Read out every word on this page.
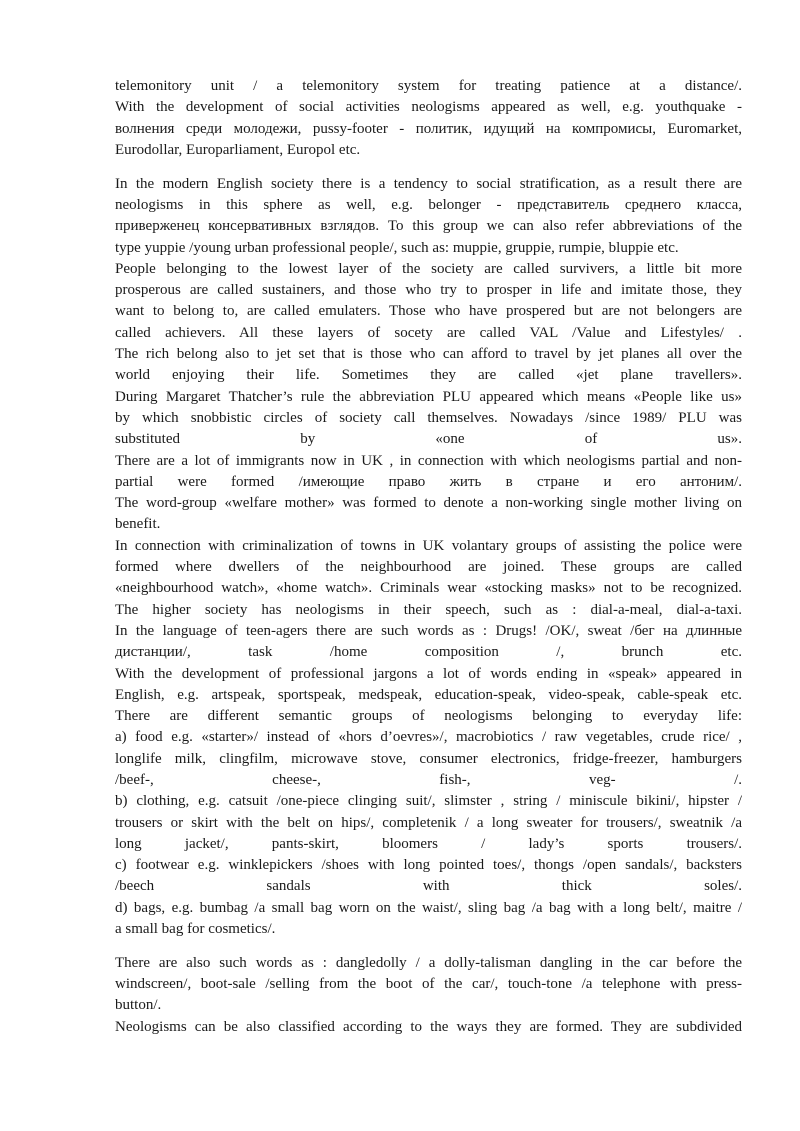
telemonitory unit / a telemonitory system for treating patience at a distance/.
With the development of social activities neologisms appeared as well, e.g. youthquake -
волнения среди молодежи, pussy-footer - политик, идущий на компромисы, Euromarket,
Eurodollar, Europarliament, Europol etc.
In the modern English society there is a tendency to social stratification, as a result there are
neologisms in this sphere as well, e.g. belonger - представитель среднего класса,
приверженец консервативных взглядов. To this group we can also refer abbreviations of the
type yuppie /young urban professional people/, such as: muppie, gruppie, rumpie, bluppie etc.
People belonging to the lowest layer of the society are called survivers, a little bit more
prosperous are called sustainers, and those who try to prosper in life and imitate those, they
want to belong to, are called emulaters. Those who have prospered but are not belongers are
called achievers. All these layers of socety are called VAL /Value and Lifestyles/ .
The rich belong also to jet set that is those who can afford to travel by jet planes all over the
world enjoying their life. Sometimes they are called «jet plane travellers».
During Margaret Thatcher’s rule the abbreviation PLU appeared which means «People like us»
by which snobbistic circles of society call themselves. Nowadays /since 1989/ PLU was
substituted by «one of us».
There are a lot of immigrants now in UK , in connection with which neologisms partial and non-
partial were formed /имеющие право жить в стране и его антоним/.
The word-group «welfare mother» was formed to denote a non-working single mother living on
benefit.
In connection with criminalization of towns in UK volantary groups of assisting the police were
formed where dwellers of the neighbourhood are joined. These groups are called
«neighbourhood watch», «home watch». Criminals wear «stocking masks» not to be recognized.
The higher society has neologisms in their speech, such as : dial-a-meal, dial-a-taxi.
In the language of teen-agers there are such words as : Drugs! /OK/, sweat /бег на длинные
дистанции/, task /home composition /, brunch etc.
With the development of professional jargons a lot of words ending in «speak» appeared in
English, e.g. artspeak, sportspeak, medspeak, education-speak, video-speak, cable-speak etc.
There are different semantic groups of neologisms belonging to everyday life:
a) food e.g. «starter»/ instead of «hors d’oevres»/, macrobiotics / raw vegetables, crude rice/ ,
longlife milk, clingfilm, microwave stove, consumer electronics, fridge-freezer, hamburgers
/beef-, cheese-, fish-, veg- /.
b) clothing, e.g. catsuit /one-piece clinging suit/, slimster , string / miniscule bikini/, hipster /
trousers or skirt with the belt on hips/, completenik / a long sweater for trousers/, sweatnik /a
long jacket/, pants-skirt, bloomers / lady’s sports trousers/.
c) footwear e.g. winklepickers /shoes with long pointed toes/, thongs /open sandals/, backsters
/beech sandals with thick soles/.
d) bags, e.g. bumbag /a small bag worn on the waist/, sling bag /a bag with a long belt/, maitre /
a small bag for cosmetics/.
There are also such words as : dangledolly / a dolly-talisman dangling in the car before the
windscreen/, boot-sale /selling from the boot of the car/, touch-tone /a telephone with press-
button/.
Neologisms can be also classified according to the ways they are formed. They are subdivided
